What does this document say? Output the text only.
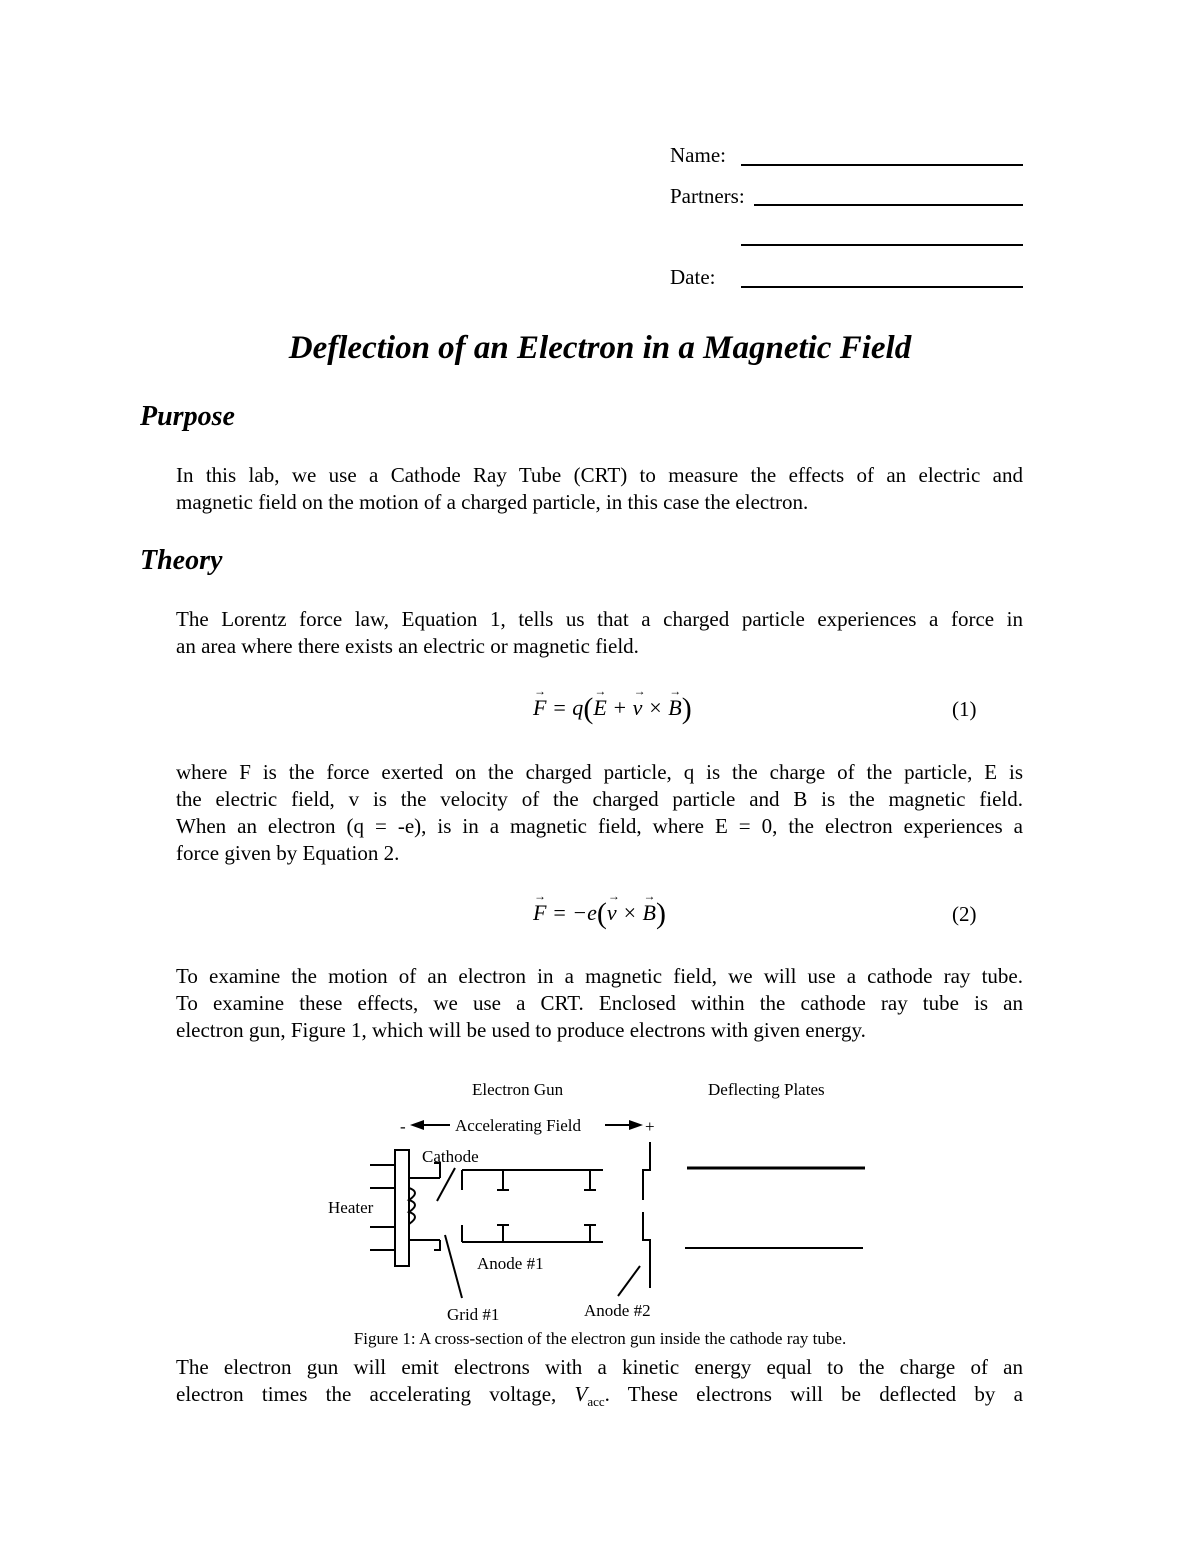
Name:
Partners:
Date:
Deflection of an Electron in a Magnetic Field
Purpose
In this lab, we use a Cathode Ray Tube (CRT) to measure the effects of an electric and
magnetic field on the motion of a charged particle, in this case the electron.
Theory
The Lorentz force law, Equation 1, tells us that a charged particle experiences a force in
an area where there exists an electric or magnetic field.
→ F = q(→ E + → v × → B)	(1)
where F is the force exerted on the charged particle, q is the charge of the particle, E is
the electric field, v is the velocity of the charged particle and B is the magnetic field.
When an electron (q = -e), is in a magnetic field, where E = 0, the electron experiences a
force given by Equation 2.
→ F = −e(→ v × → B)	(2)
To examine the motion of an electron in a magnetic field, we will use a cathode ray tube.
To examine these effects, we use a CRT. Enclosed within the cathode ray tube is an
electron gun, Figure 1, which will be used to produce electrons with given energy.
Electron Gun	Deflecting Plates
-	Accelerating Field	+
Cathode
Heater
Anode #1
Grid #1	Anode #2
Figure 1: A cross-section of the electron gun inside the cathode ray tube.
The electron gun will emit electrons with a kinetic energy equal to the charge of an
electron times the accelerating voltage, $V_{acc}$. These electrons will be deflected by a
